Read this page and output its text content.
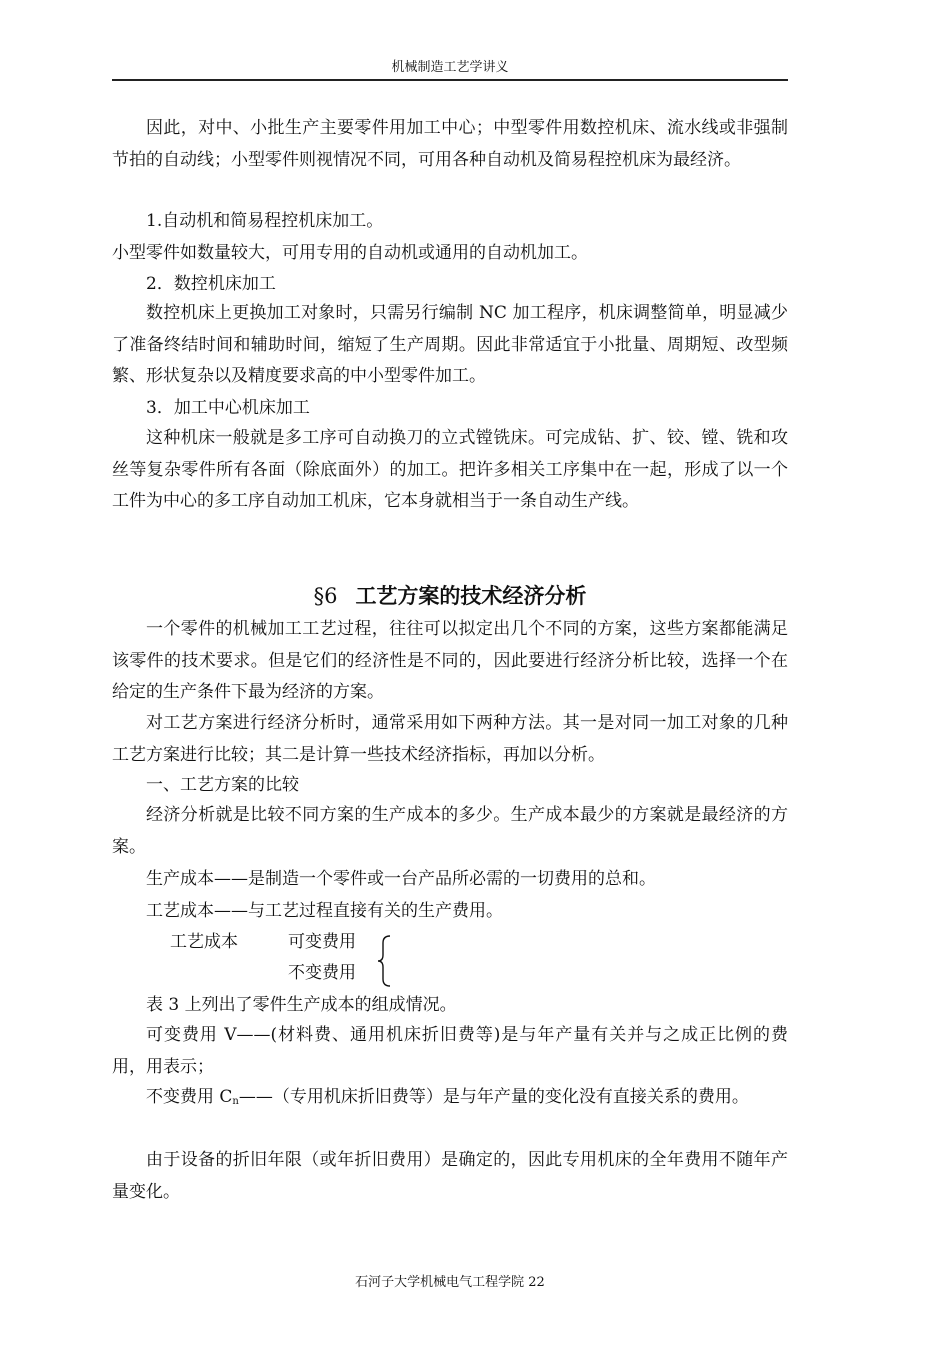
机械制造工艺学讲义

因此，对中、小批生产主要零件用加工中心；中型零件用数控机床、流水线或非强制节拍的自动线；小型零件则视情况不同，可用各种自动机及简易程控机床为最经济。

1.自动机和简易程控机床加工。
小型零件如数量较大，可用专用的自动机或通用的自动机加工。
2．数控机床加工

数控机床上更换加工对象时，只需另行编制 NC 加工程序，机床调整简单，明显减少了准备终结时间和辅助时间，缩短了生产周期。因此非常适宜于小批量、周期短、改型频繁、形状复杂以及精度要求高的中小型零件加工。

3．加工中心机床加工

这种机床一般就是多工序可自动换刀的立式镗铣床。可完成钻、扩、铰、镗、铣和攻丝等复杂零件所有各面（除底面外）的加工。把许多相关工序集中在一起，形成了以一个工件为中心的多工序自动加工机床，它本身就相当于一条自动生产线。

§6 工艺方案的技术经济分析

一个零件的机械加工工艺过程，往往可以拟定出几个不同的方案，这些方案都能满足该零件的技术要求。但是它们的经济性是不同的，因此要进行经济分析比较，选择一个在给定的生产条件下最为经济的方案。

对工艺方案进行经济分析时，通常采用如下两种方法。其一是对同一加工对象的几种工艺方案进行比较；其二是计算一些技术经济指标，再加以分析。

一、工艺方案的比较

经济分析就是比较不同方案的生产成本的多少。生产成本最少的方案就是最经济的方案。

生产成本——是制造一个零件或一台产品所必需的一切费用的总和。
工艺成本——与工艺过程直接有关的生产费用。
工艺成本	可变费用
不变费用
表 3 上列出了零件生产成本的组成情况。

可变费用 V——(材料费、通用机床折旧费等)是与年产量有关并与之成正比例的费用，用表示；

不变费用 $C_n——$（专用机床折旧费等）是与年产量的变化没有直接关系的费用。

由于设备的折旧年限（或年折旧费用）是确定的，因此专用机床的全年费用不随年产量变化。

石河子大学机械电气工程学院 22
